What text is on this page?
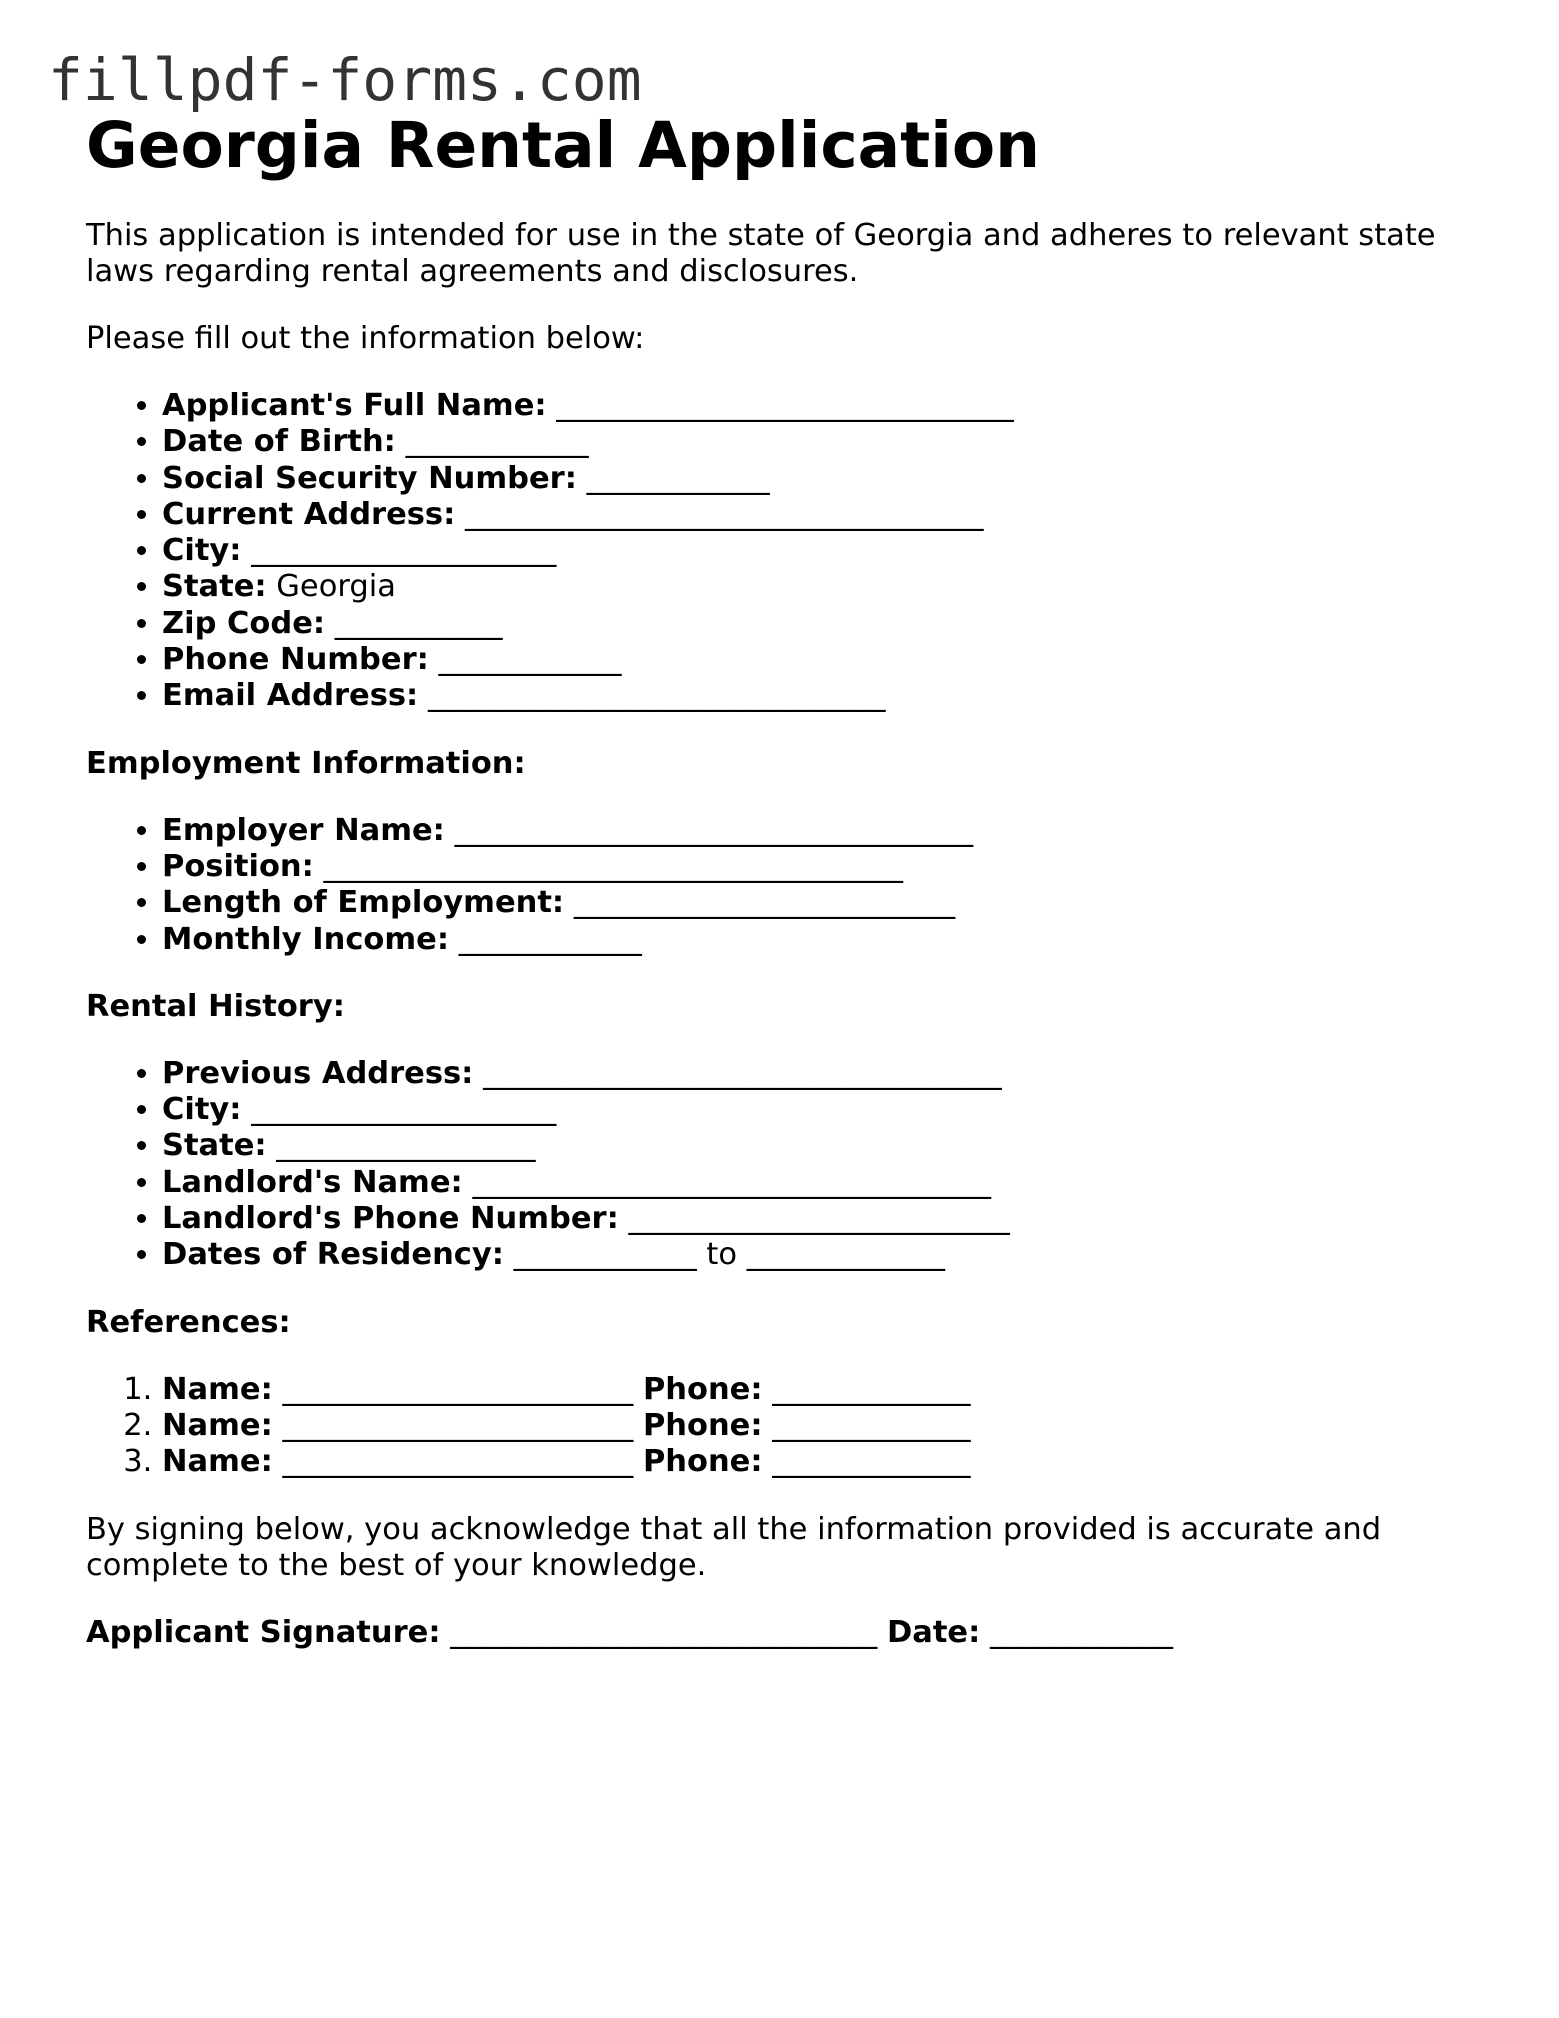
fillpdf-forms.com
Georgia Rental Application

This application is intended for use in the state of Georgia and adheres to relevant state laws regarding rental agreements and disclosures.

Please fill out the information below:

• Applicant's Full Name: ______________________________
• Date of Birth: ____________
• Social Security Number: ____________
• Current Address: __________________________________
• City: ____________________
• State: Georgia
• Zip Code: ___________
• Phone Number: ____________
• Email Address: ______________________________

Employment Information:

• Employer Name: __________________________________
• Position: ______________________________________
• Length of Employment: _________________________
• Monthly Income: ____________

Rental History:

• Previous Address: __________________________________
• City: ____________________
• State: _________________
• Landlord's Name: __________________________________
• Landlord's Phone Number: _________________________
• Dates of Residency: ____________ to _____________

References:

1. Name: _______________________ Phone: _____________
2. Name: _______________________ Phone: _____________
3. Name: _______________________ Phone: _____________

By signing below, you acknowledge that all the information provided is accurate and complete to the best of your knowledge.

Applicant Signature: ____________________________ Date: ____________
